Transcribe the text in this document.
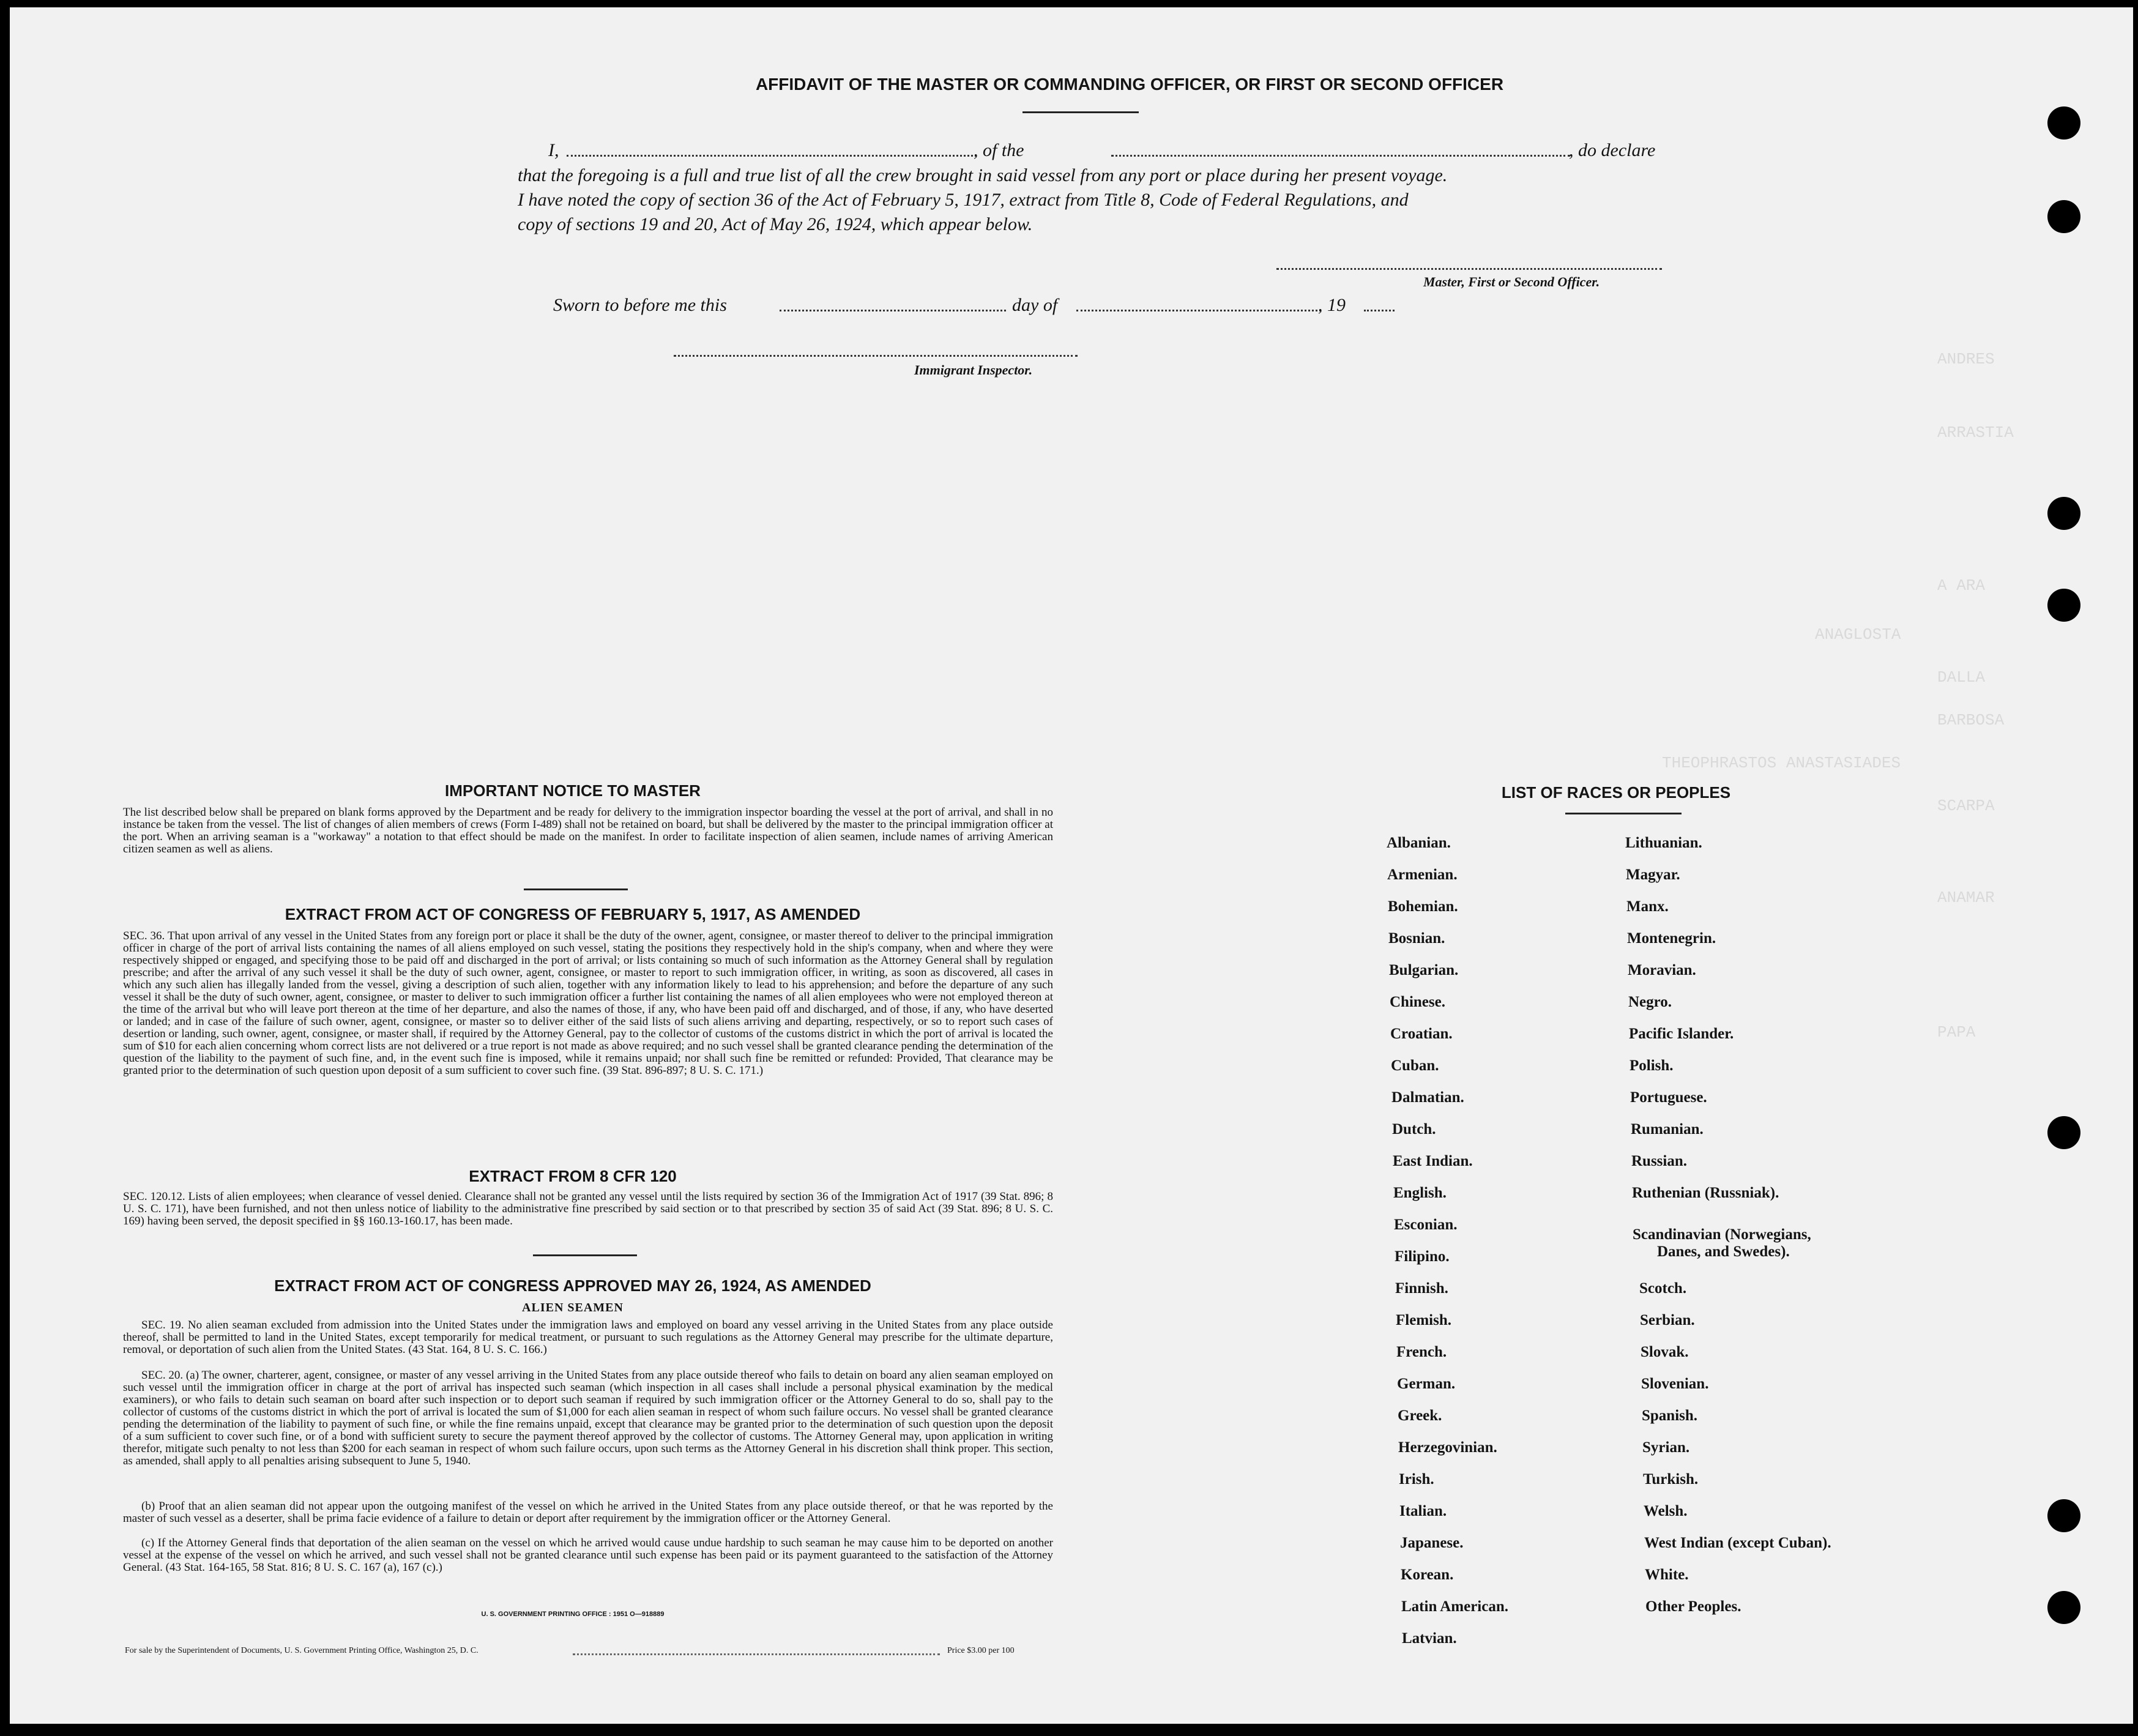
ANDRES
ARRASTIA
A ARA
ANAGLOSTA
DALLA
BARBOSA
THEOPHRASTOS ANASTASIADES
SCARPA
ANAMAR
PAPA
AFFIDAVIT OF THE MASTER OR COMMANDING OFFICER, OR FIRST OR SECOND OFFICER
I,	, of the	, do declare
that the foregoing is a full and true list of all the crew brought in said vessel from any port or place during her present voyage.
I have noted the copy of section 36 of the Act of February 5, 1917, extract from Title 8, Code of Federal Regulations, and
copy of sections 19 and 20, Act of May 26, 1924, which appear below.
Master, First or Second Officer.
Sworn to before me this	day of	, 19
Immigrant Inspector.
IMPORTANT NOTICE TO MASTER
The list described below shall be prepared on blank forms approved by the Department and be ready for delivery to the immigration inspector boarding the vessel at the port of arrival, and shall in no instance be taken from the vessel. The list of changes of alien members of crews (Form I-489) shall not be retained on board, but shall be delivered by the master to the principal immigration officer at the port. When an arriving seaman is a "workaway" a notation to that effect should be made on the manifest. In order to facilitate inspection of alien seamen, include names of arriving American citizen seamen as well as aliens.
EXTRACT FROM ACT OF CONGRESS OF FEBRUARY 5, 1917, AS AMENDED
SEC. 36. That upon arrival of any vessel in the United States from any foreign port or place it shall be the duty of the owner, agent, consignee, or master thereof to deliver to the principal immigration officer in charge of the port of arrival lists containing the names of all aliens employed on such vessel, stating the positions they respectively hold in the ship's company, when and where they were respectively shipped or engaged, and specifying those to be paid off and discharged in the port of arrival; or lists containing so much of such information as the Attorney General shall by regulation prescribe; and after the arrival of any such vessel it shall be the duty of such owner, agent, consignee, or master to report to such immigration officer, in writing, as soon as discovered, all cases in which any such alien has illegally landed from the vessel, giving a description of such alien, together with any information likely to lead to his apprehension; and before the departure of any such vessel it shall be the duty of such owner, agent, consignee, or master to deliver to such immigration officer a further list containing the names of all alien employees who were not employed thereon at the time of the arrival but who will leave port thereon at the time of her departure, and also the names of those, if any, who have been paid off and discharged, and of those, if any, who have deserted or landed; and in case of the failure of such owner, agent, consignee, or master so to deliver either of the said lists of such aliens arriving and departing, respectively, or so to report such cases of desertion or landing, such owner, agent, consignee, or master shall, if required by the Attorney General, pay to the collector of customs of the customs district in which the port of arrival is located the sum of $10 for each alien concerning whom correct lists are not delivered or a true report is not made as above required; and no such vessel shall be granted clearance pending the determination of the question of the liability to the payment of such fine, and, in the event such fine is imposed, while it remains unpaid; nor shall such fine be remitted or refunded: Provided, That clearance may be granted prior to the determination of such question upon deposit of a sum sufficient to cover such fine. (39 Stat. 896-897; 8 U. S. C. 171.)
EXTRACT FROM 8 CFR 120
SEC. 120.12. Lists of alien employees; when clearance of vessel denied. Clearance shall not be granted any vessel until the lists required by section 36 of the Immigration Act of 1917 (39 Stat. 896; 8 U. S. C. 171), have been furnished, and not then unless notice of liability to the administrative fine prescribed by said section or to that prescribed by section 35 of said Act (39 Stat. 896; 8 U. S. C. 169) having been served, the deposit specified in §§ 160.13-160.17, has been made.
EXTRACT FROM ACT OF CONGRESS APPROVED MAY 26, 1924, AS AMENDED
ALIEN SEAMEN
SEC. 19. No alien seaman excluded from admission into the United States under the immigration laws and employed on board any vessel arriving in the United States from any place outside thereof, shall be permitted to land in the United States, except temporarily for medical treatment, or pursuant to such regulations as the Attorney General may prescribe for the ultimate departure, removal, or deportation of such alien from the United States. (43 Stat. 164, 8 U. S. C. 166.)
SEC. 20. (a) The owner, charterer, agent, consignee, or master of any vessel arriving in the United States from any place outside thereof who fails to detain on board any alien seaman employed on such vessel until the immigration officer in charge at the port of arrival has inspected such seaman (which inspection in all cases shall include a personal physical examination by the medical examiners), or who fails to detain such seaman on board after such inspection or to deport such seaman if required by such immigration officer or the Attorney General to do so, shall pay to the collector of customs of the customs district in which the port of arrival is located the sum of $1,000 for each alien seaman in respect of whom such failure occurs. No vessel shall be granted clearance pending the determination of the liability to payment of such fine, or while the fine remains unpaid, except that clearance may be granted prior to the determination of such question upon the deposit of a sum sufficient to cover such fine, or of a bond with sufficient surety to secure the payment thereof approved by the collector of customs. The Attorney General may, upon application in writing therefor, mitigate such penalty to not less than $200 for each seaman in respect of whom such failure occurs, upon such terms as the Attorney General in his discretion shall think proper. This section, as amended, shall apply to all penalties arising subsequent to June 5, 1940.
(b) Proof that an alien seaman did not appear upon the outgoing manifest of the vessel on which he arrived in the United States from any place outside thereof, or that he was reported by the master of such vessel as a deserter, shall be prima facie evidence of a failure to detain or deport after requirement by the immigration officer or the Attorney General.
(c) If the Attorney General finds that deportation of the alien seaman on the vessel on which he arrived would cause undue hardship to such seaman he may cause him to be deported on another vessel at the expense of the vessel on which he arrived, and such vessel shall not be granted clearance until such expense has been paid or its payment guaranteed to the satisfaction of the Attorney General. (43 Stat. 164-165, 58 Stat. 816; 8 U. S. C. 167 (a), 167 (c).)
U. S. GOVERNMENT PRINTING OFFICE : 1951 O—918889
For sale by the Superintendent of Documents, U. S. Government Printing Office, Washington 25, D. C.	Price $3.00 per 100
LIST OF RACES OR PEOPLES
Albanian.
Armenian.
Bohemian.
Bosnian.
Bulgarian.
Chinese.
Croatian.
Cuban.
Dalmatian.
Dutch.
East Indian.
English.
Esconian.
Filipino.
Finnish.
Flemish.
French.
German.
Greek.
Herzegovinian.
Irish.
Italian.
Japanese.
Korean.
Latin American.
Latvian.
Lithuanian.
Magyar.
Manx.
Montenegrin.
Moravian.
Negro.
Pacific Islander.
Polish.
Portuguese.
Rumanian.
Russian.
Ruthenian (Russniak).
Scandinavian (Norwegians,
Danes, and Swedes).
Scotch.
Serbian.
Slovak.
Slovenian.
Spanish.
Syrian.
Turkish.
Welsh.
West Indian (except Cuban).
White.
Other Peoples.
